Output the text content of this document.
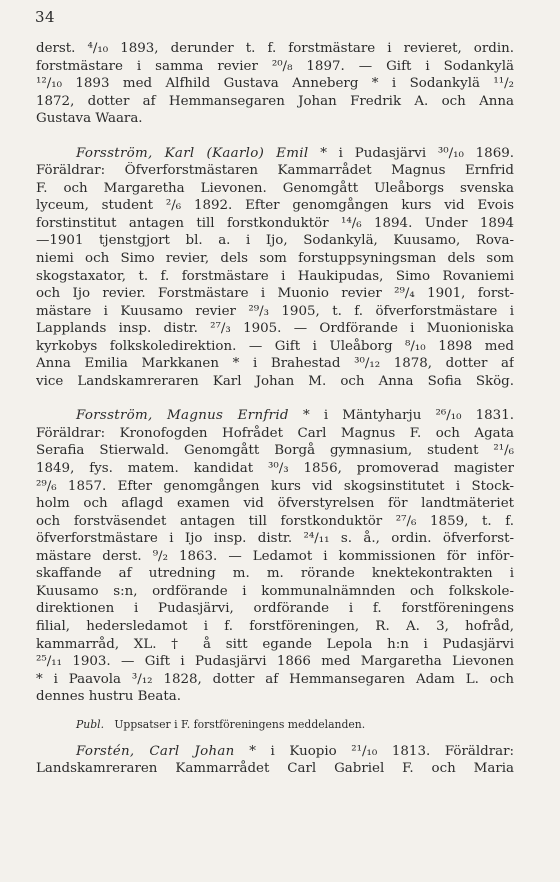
34
derst. ⁴/₁₀ 1893, derunder t. f. forstmästare i revieret, ordin.
forstmästare i samma revier ²⁰/₈ 1897. — Gift i Sodankylä
¹²/₁₀ 1893 med Alfhild Gustava Anneberg * i Sodankylä ¹¹/₂
1872, dotter af Hemmansegaren Johan Fredrik A. och Anna
Gustava Waara.
Forsström, Karl (Kaarlo) Emil * i Pudasjärvi ³⁰/₁₀ 1869.
Föräldrar: Öfverforstmästaren Kammarrådet Magnus Ernfrid
F. och Margaretha Lievonen. Genomgått Uleåborgs svenska
lyceum, student ²/₆ 1892. Efter genomgången kurs vid Evois
forstinstitut antagen till forstkonduktör ¹⁴/₆ 1894. Under 1894
—1901 tjenstgjort bl. a. i Ijo, Sodankylä, Kuusamo, Rova-
niemi och Simo revier, dels som forstuppsyningsman dels som
skogstaxator, t. f. forstmästare i Haukipudas, Simo Rovaniemi
och Ijo revier. Forstmästare i Muonio revier ²⁹/₄ 1901, forst-
mästare i Kuusamo revier ²⁹/₃ 1905, t. f. öfverforstmästare i
Lapplands insp. distr. ²⁷/₃ 1905. — Ordförande i Muonioniska
kyrkobys folkskoledirektion. — Gift i Uleåborg ⁸/₁₀ 1898 med
Anna Emilia Markkanen * i Brahestad ³⁰/₁₂ 1878, dotter af
vice Landskamreraren Karl Johan M. och Anna Sofia Skög.
Forsström, Magnus Ernfrid * i Mäntyharju ²⁶/₁₀ 1831.
Föräldrar: Kronofogden Hofrådet Carl Magnus F. och Agata
Serafia Stierwald. Genomgått Borgå gymnasium, student ²¹/₆
1849, fys. matem. kandidat ³⁰/₃ 1856, promoverad magister
²⁹/₆ 1857. Efter genomgången kurs vid skogsinstitutet i Stock-
holm och aflagd examen vid öfverstyrelsen för landtmäteriet
och forstväsendet antagen till forstkonduktör ²⁷/₆ 1859, t. f.
öfverforstmästare i Ijo insp. distr. ²⁴/₁₁ s. å., ordin. öfverforst-
mästare derst. ⁹/₂ 1863. — Ledamot i kommissionen för inför-
skaffande af utredning m. m. rörande knektekontrakten i
Kuusamo s:n, ordförande i kommunalnämnden och folkskole-
direktionen i Pudasjärvi, ordförande i f. forstföreningens
filial, hedersledamot i f. forstföreningen, R. A. 3, hofråd,
kammarråd, XL. † å sitt egande Lepola h:n i Pudasjärvi
²⁵/₁₁ 1903. — Gift i Pudasjärvi 1866 med Margaretha Lievonen
* i Paavola ³/₁₂ 1828, dotter af Hemmansegaren Adam L. och
dennes hustru Beata.
Publ. Uppsatser i F. forstföreningens meddelanden.
Forstén, Carl Johan * i Kuopio ²¹/₁₀ 1813. Föräldrar:
Landskamreraren Kammarrådet Carl Gabriel F. och Maria
